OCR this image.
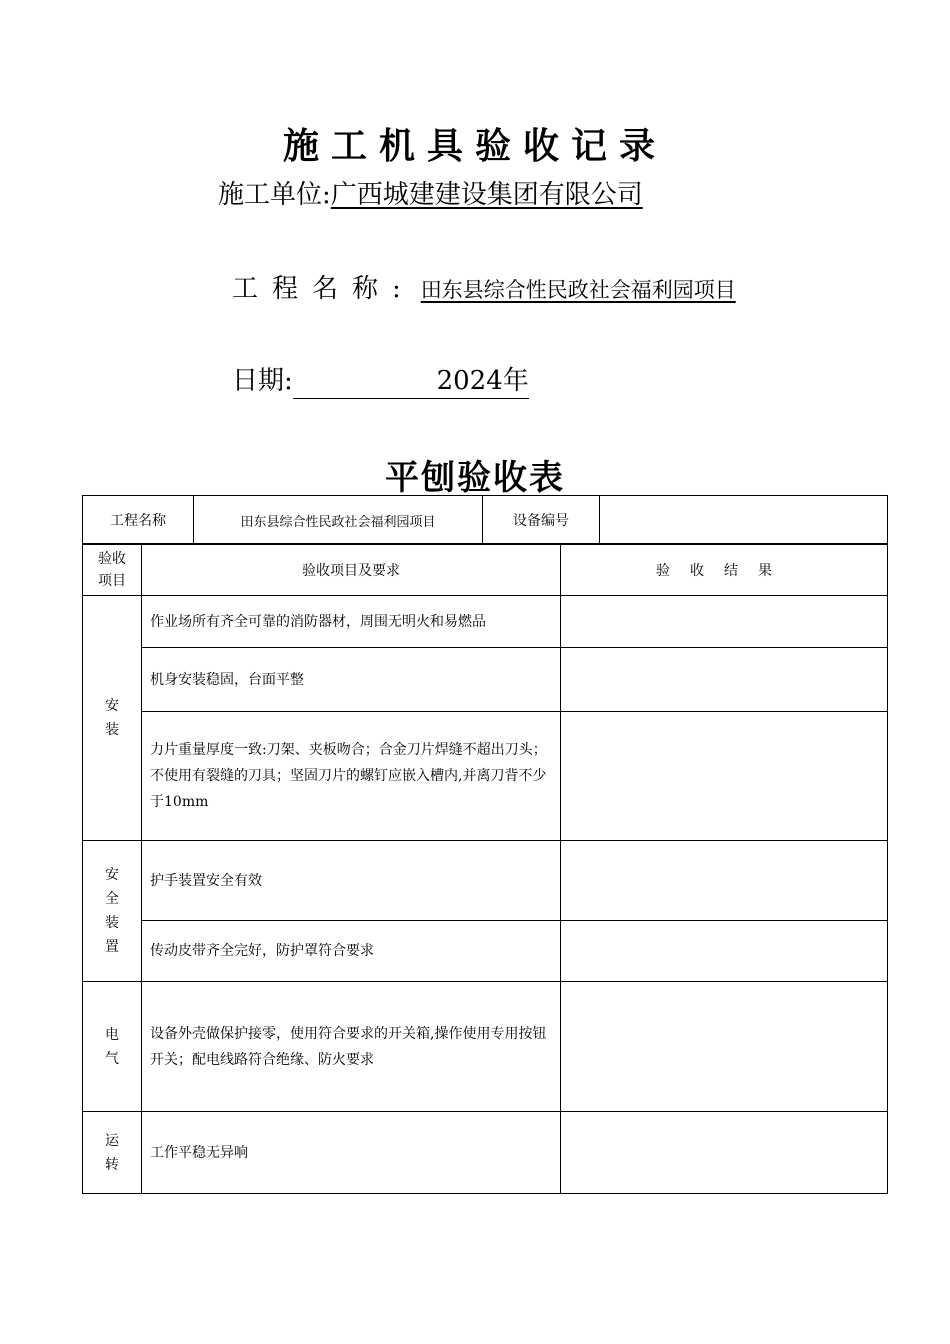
施工机具验收记录
施工单位:广西城建建设集团有限公司
工程名称: 田东县综合性民政社会福利园项目
日期:	2024年
平刨验收表
工程名称	田东县综合性民政社会福利园项目	设备编号	
验收项目	验收项目及要求	验收结果

安装	作业场所有齐全可靠的消防器材，周围无明火和易燃品	
	机身安装稳固，台面平整	
	力片重量厚度一致:刀架、夹板吻合；合金刀片焊缝不超出刀头；不使用有裂缝的刀具；坚固刀片的螺钉应嵌入槽内,并离刀背不少于10mm	

安全装置	护手装置安全有效	
	传动皮带齐全完好，防护罩符合要求	

电气	设备外壳做保护接零，使用符合要求的开关箱,操作使用专用按钮开关；配电线路符合绝缘、防火要求	

运转	工作平稳无异响	
